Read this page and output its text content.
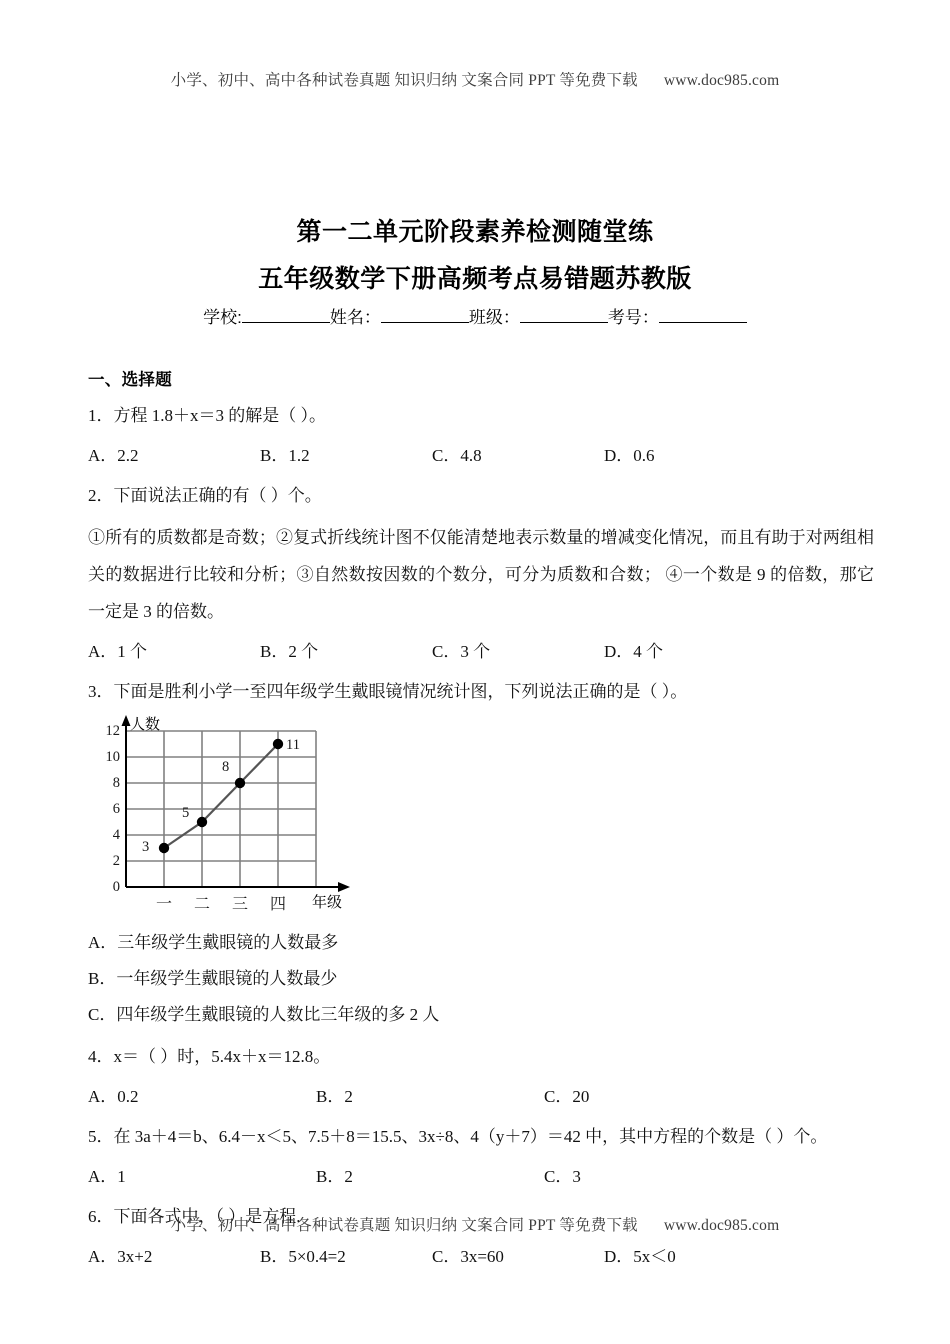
小学、初中、高中各种试卷真题 知识归纳 文案合同 PPT 等免费下载 www.doc985.com
第一二单元阶段素养检测随堂练
五年级数学下册高频考点易错题苏教版
学校:	姓名：	班级：	考号：
一、选择题

1．方程 1.8＋x＝3 的解是（ ）。

A．2.2	B．1.2	C．4.8	D．0.6

2．下面说法正确的有（ ）个。

①所有的质数都是奇数；②复式折线统计图不仅能清楚地表示数量的增减变化情况，而且有助于对两组相关的数据进行比较和分析；③自然数按因数的个数分，可分为质数和合数； ④一个数是 9 的倍数，那它一定是 3 的倍数。

A．1 个	B．2 个	C．3 个	D．4 个

3．下面是胜利小学一至四年级学生戴眼镜情况统计图，下列说法正确的是（ ）。

人数
12
10
8
6
4
2
0
3
5
8
11
一 二 三 四 年级

A．三年级学生戴眼镜的人数最多

B．一年级学生戴眼镜的人数最少

C．四年级学生戴眼镜的人数比三年级的多 2 人

4．x＝（ ）时，5.4x＋x＝12.8。

A．0.2	B．2	C．20

5．在 3a＋4＝b、6.4－x＜5、7.5＋8＝15.5、3x÷8、4（y＋7）＝42 中，其中方程的个数是（ ）个。

A．1	B．2	C．3

6．下面各式中，（ ）是方程.

A．3x+2	B．5×0.4=2	C．3x=60	D．5x＜0
小学、初中、高中各种试卷真题 知识归纳 文案合同 PPT 等免费下载 www.doc985.com
